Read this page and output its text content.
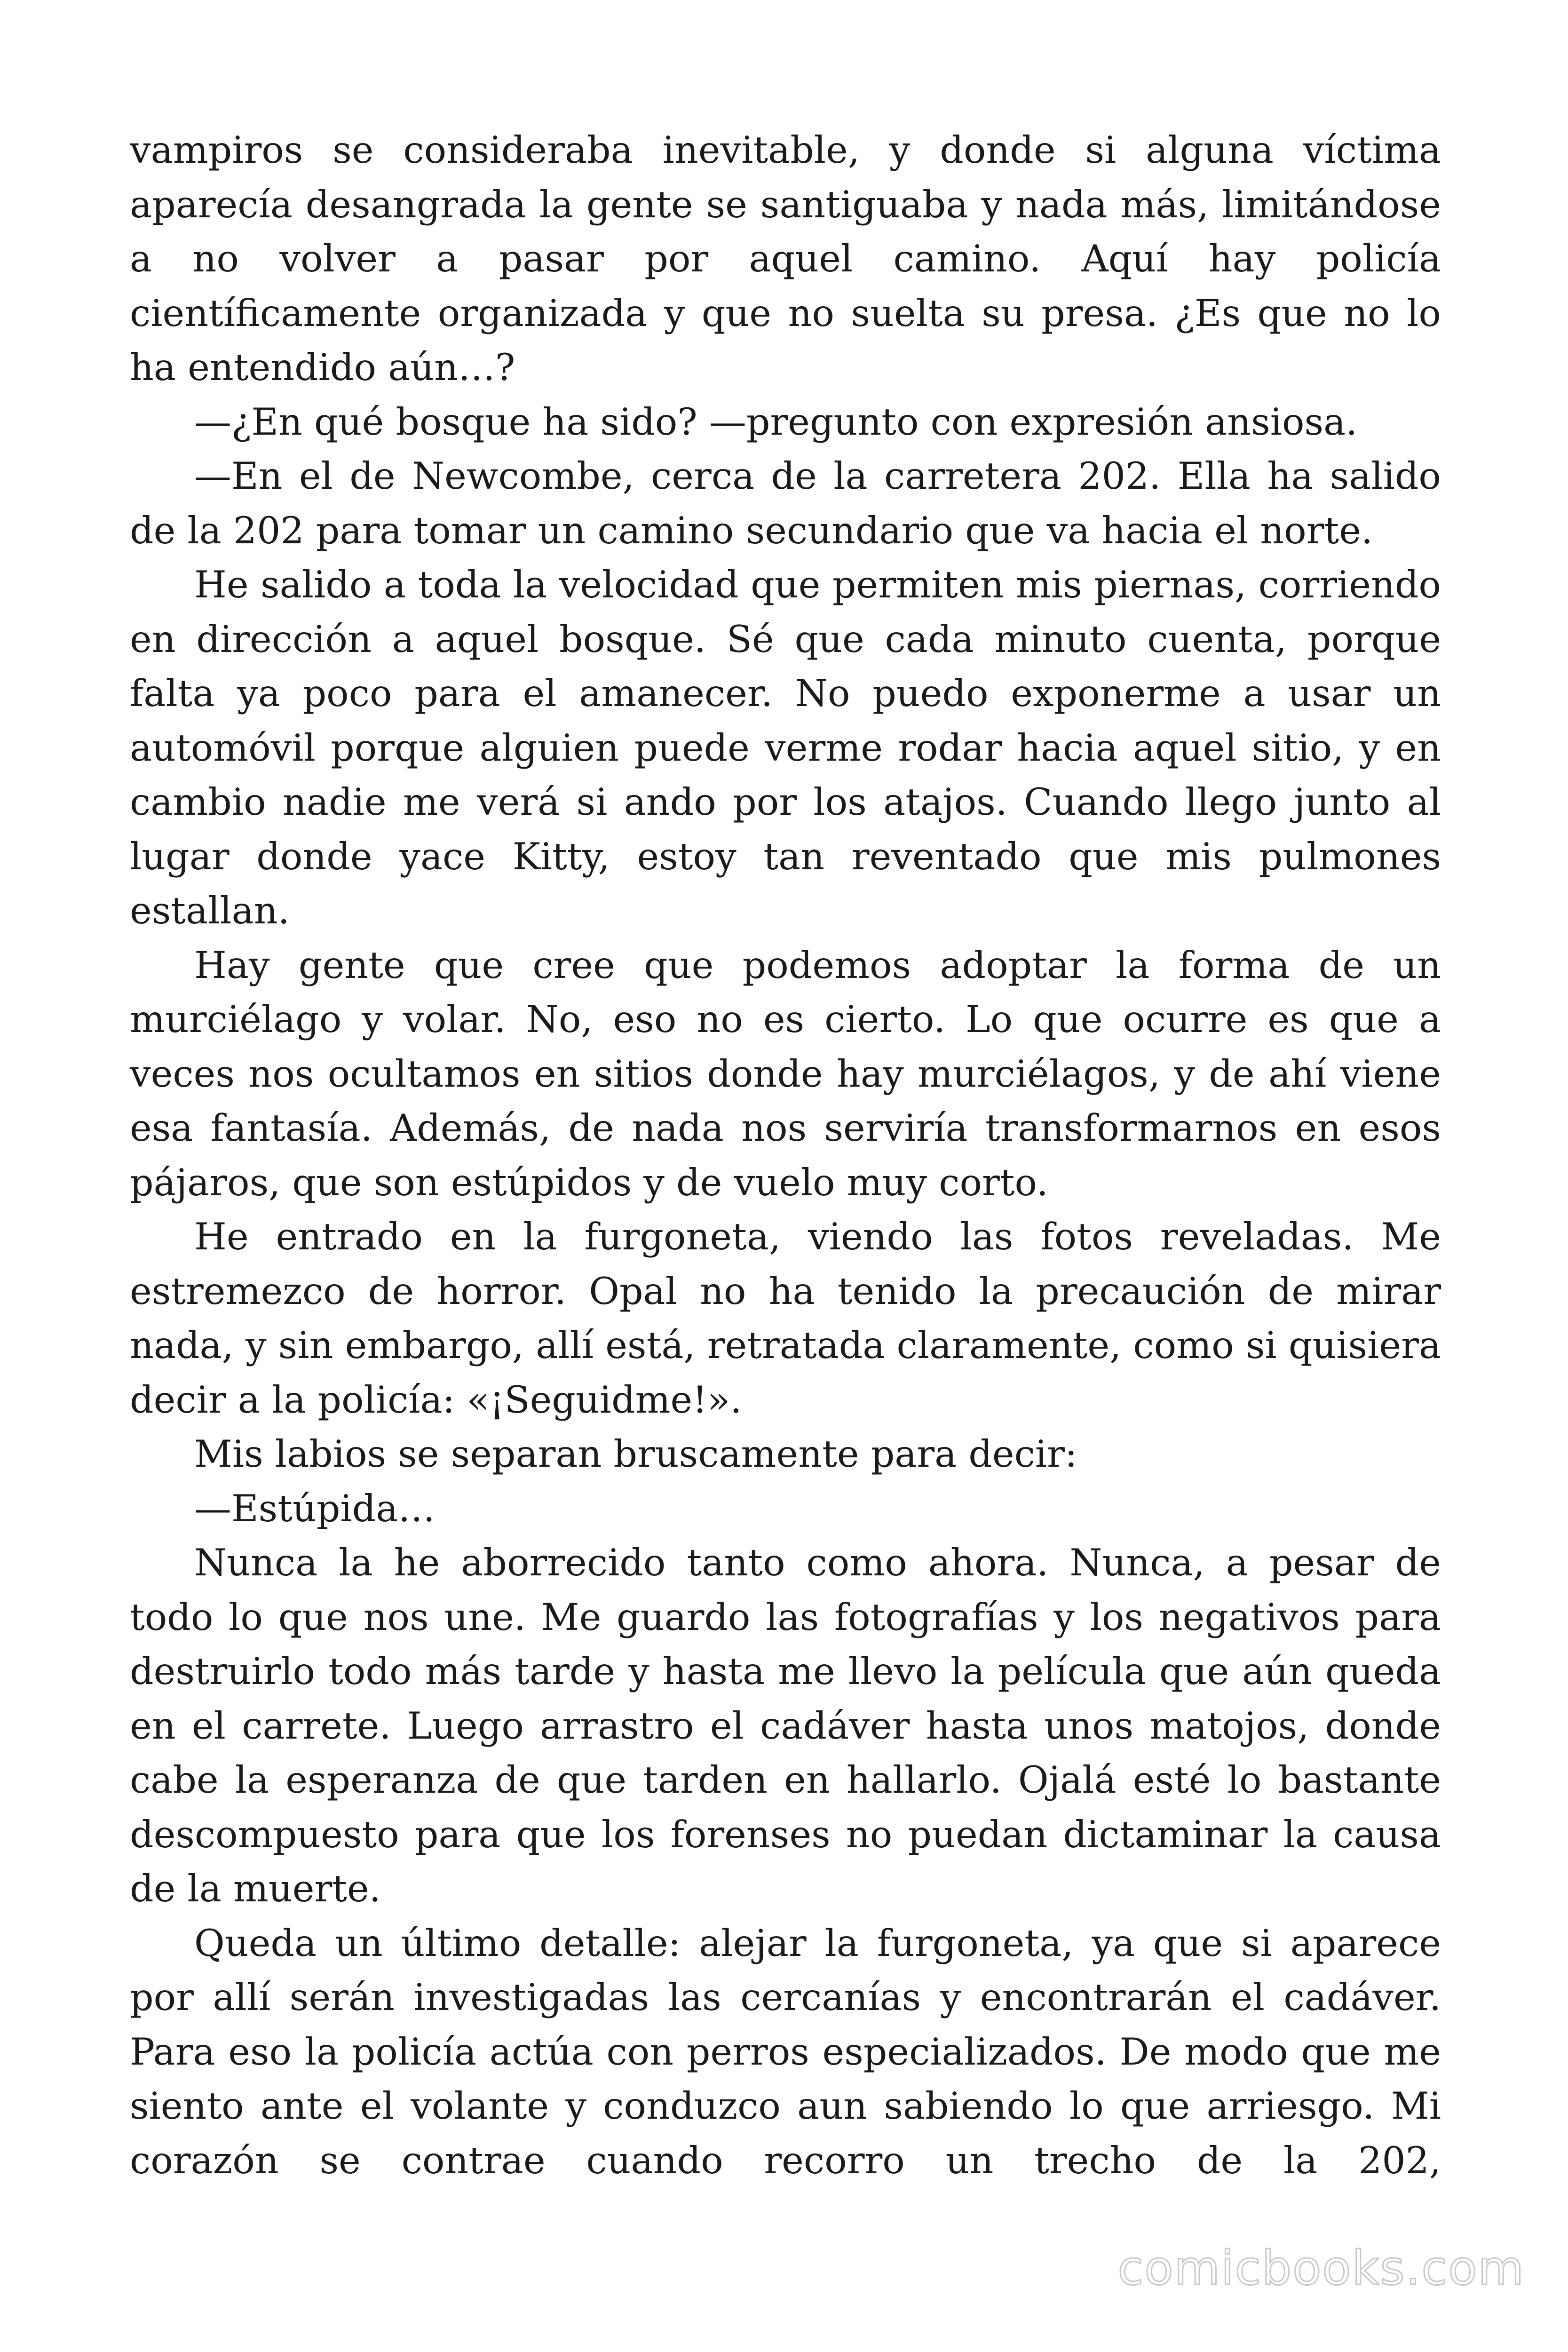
vampiros se consideraba inevitable, y donde si alguna víctima aparecía desangrada la gente se santiguaba y nada más, limitándose a no volver a pasar por aquel camino. Aquí hay policía científicamente organizada y que no suelta su presa. ¿Es que no lo ha entendido aún…?

—¿En qué bosque ha sido? —pregunto con expresión ansiosa.

—En el de Newcombe, cerca de la carretera 202. Ella ha salido de la 202 para tomar un camino secundario que va hacia el norte.

He salido a toda la velocidad que permiten mis piernas, corriendo en dirección a aquel bosque. Sé que cada minuto cuenta, porque falta ya poco para el amanecer. No puedo exponerme a usar un automóvil porque alguien puede verme rodar hacia aquel sitio, y en cambio nadie me verá si ando por los atajos. Cuando llego junto al lugar donde yace Kitty, estoy tan reventado que mis pulmones estallan.

Hay gente que cree que podemos adoptar la forma de un murciélago y volar. No, eso no es cierto. Lo que ocurre es que a veces nos ocultamos en sitios donde hay murciélagos, y de ahí viene esa fantasía. Además, de nada nos serviría transformarnos en esos pájaros, que son estúpidos y de vuelo muy corto.

He entrado en la furgoneta, viendo las fotos reveladas. Me estremezco de horror. Opal no ha tenido la precaución de mirar nada, y sin embargo, allí está, retratada claramente, como si quisiera decir a la policía: «¡Seguidme!».

Mis labios se separan bruscamente para decir:

—Estúpida…

Nunca la he aborrecido tanto como ahora. Nunca, a pesar de todo lo que nos une. Me guardo las fotografías y los negativos para destruirlo todo más tarde y hasta me llevo la película que aún queda en el carrete. Luego arrastro el cadáver hasta unos matojos, donde cabe la esperanza de que tarden en hallarlo. Ojalá esté lo bastante descompuesto para que los forenses no puedan dictaminar la causa de la muerte.

Queda un último detalle: alejar la furgoneta, ya que si aparece por allí serán investigadas las cercanías y encontrarán el cadáver. Para eso la policía actúa con perros especializados. De modo que me siento ante el volante y conduzco aun sabiendo lo que arriesgo. Mi corazón se contrae cuando recorro un trecho de la 202,

comicbooks.com
